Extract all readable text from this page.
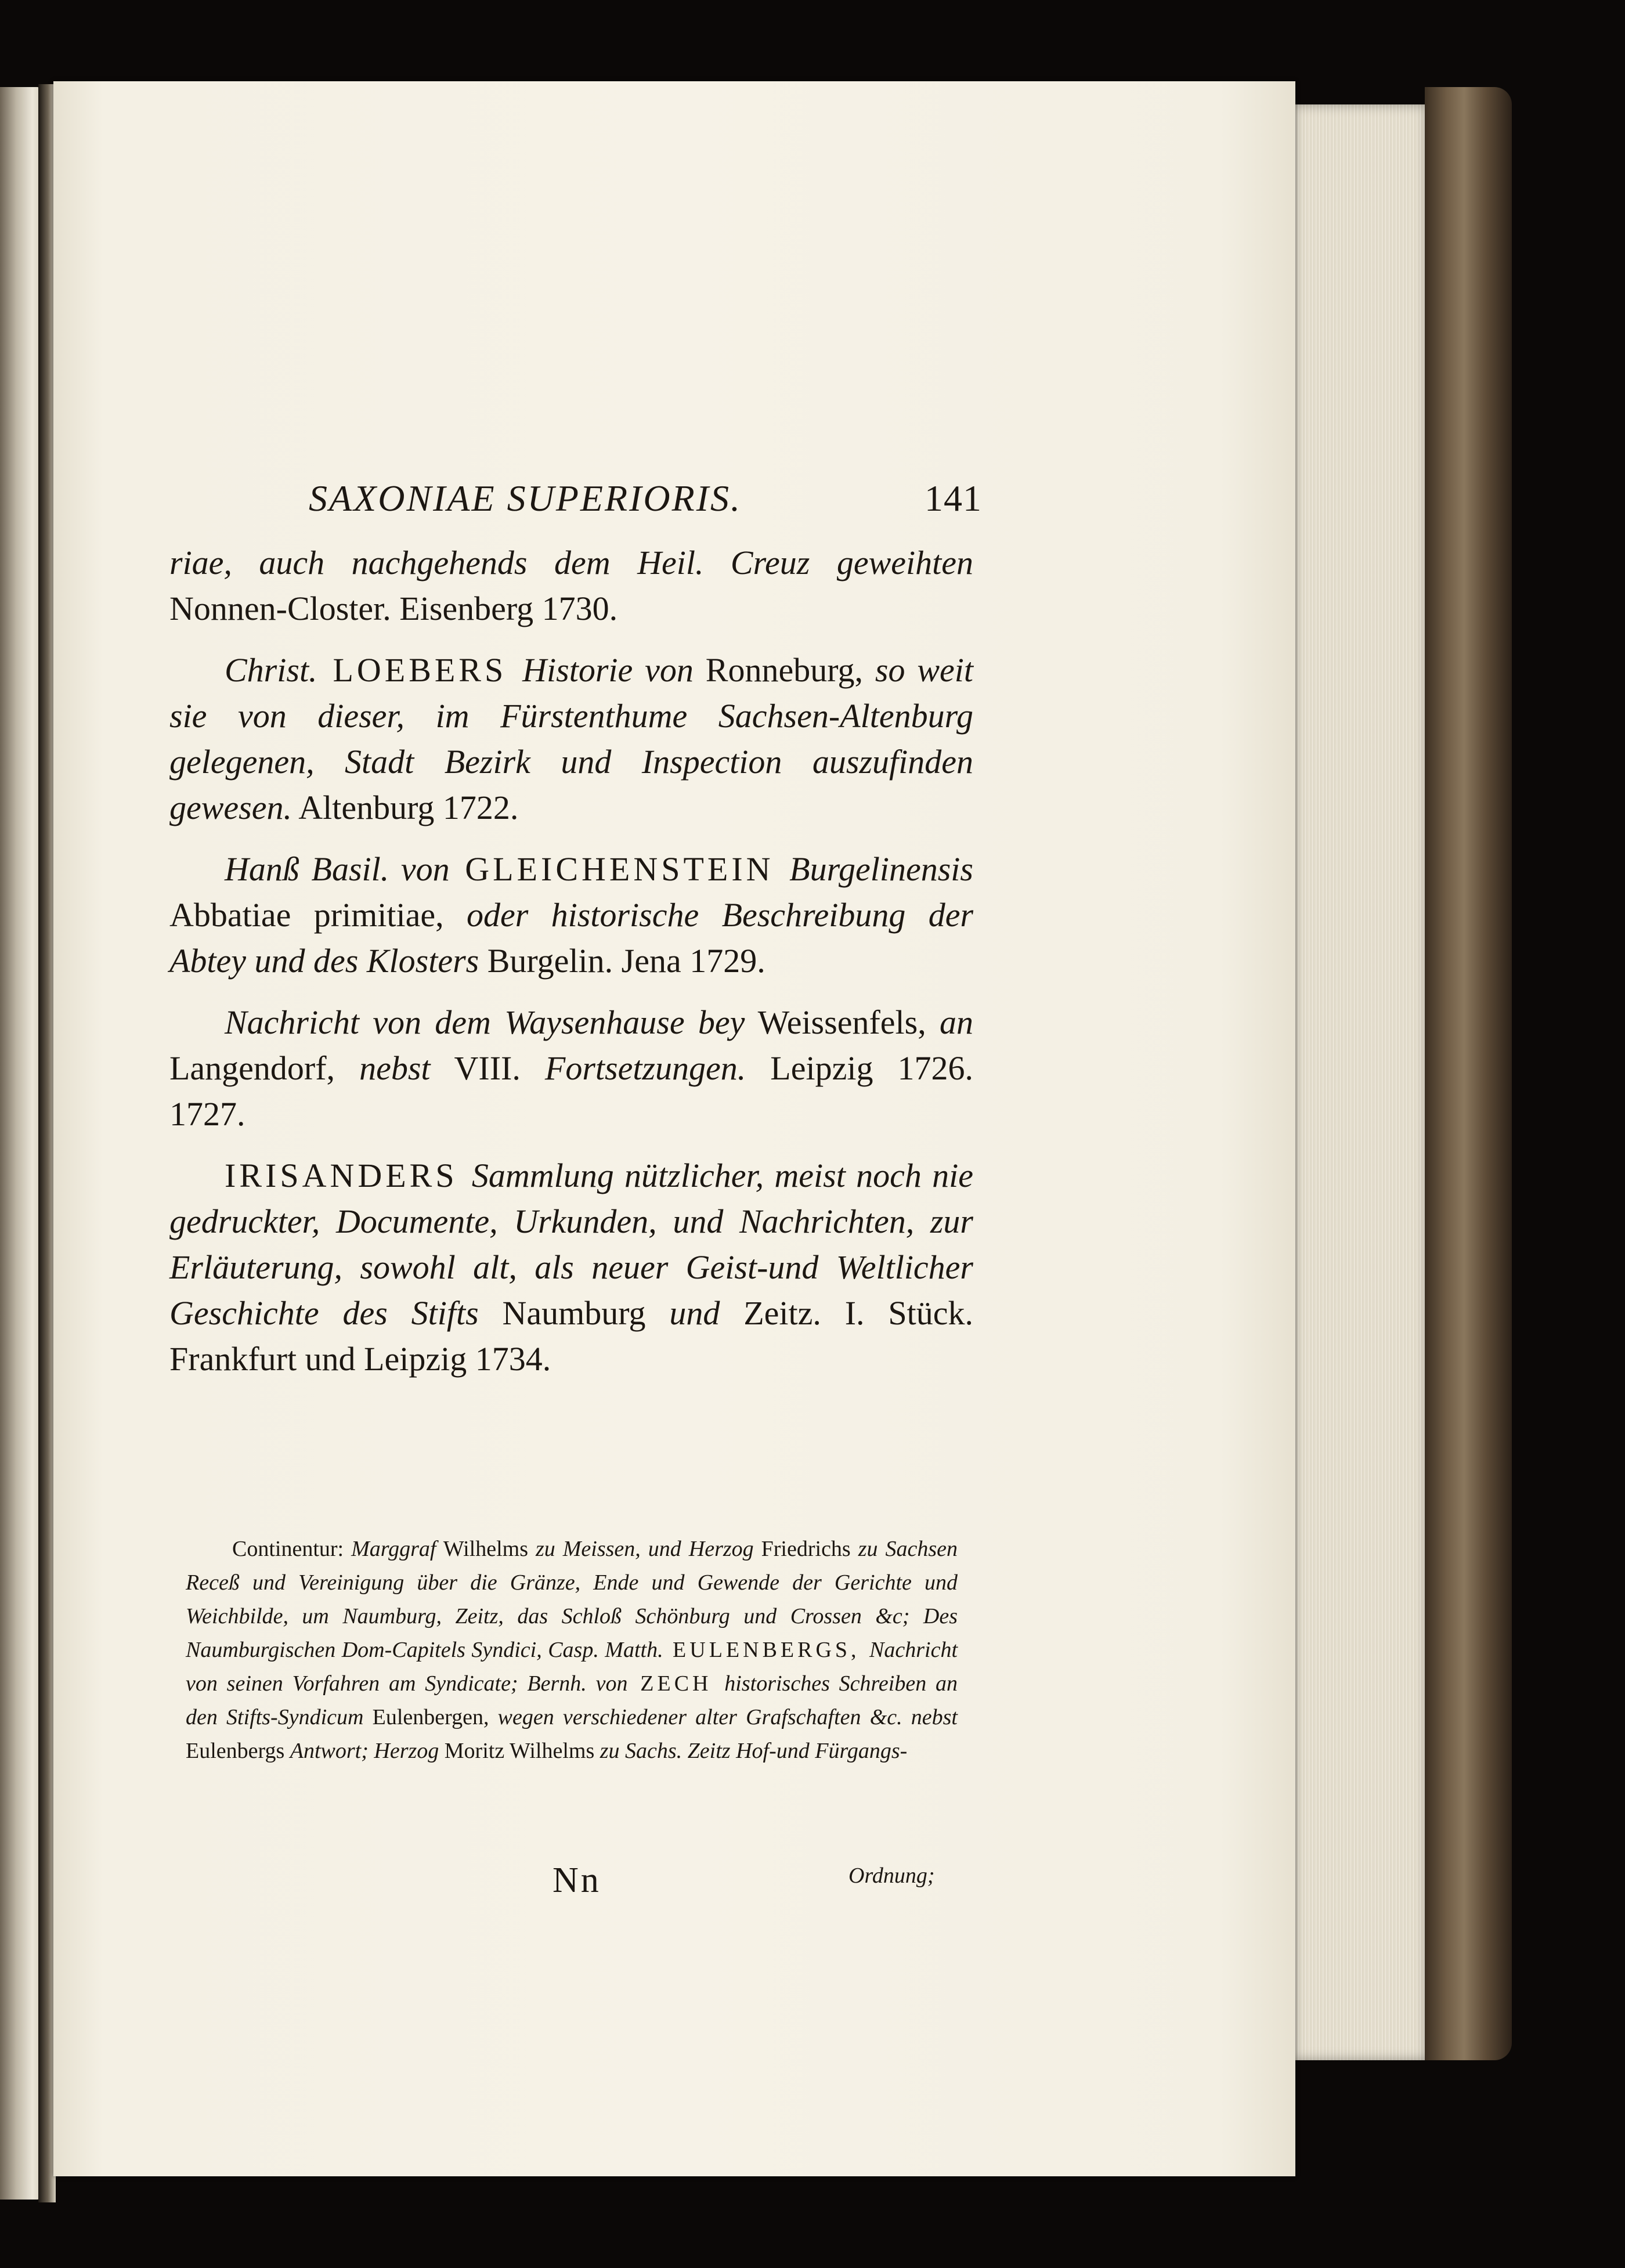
SAXONIAE SUPERIORIS.	141

riae, auch nachgehends dem Heil. Creuz geweihten Nonnen-Closter. Eisenberg 1730.

Christ. LOEBERS Historie von Ronneburg, so weit sie von dieser, im Fürstenthume Sachsen-Altenburg gelegenen, Stadt Bezirk und Inspection auszufinden gewesen. Altenburg 1722.

Hanß Basil. von GLEICHENSTEIN Burgelinensis Abbatiae primitiae, oder historische Beschreibung der Abtey und des Klosters Burgelin. Jena 1729.

Nachricht von dem Waysenhause bey Weissenfels, an Langendorf, nebst VIII. Fortsetzungen. Leipzig 1726. 1727.

IRISANDERS Sammlung nützlicher, meist noch nie gedruckter, Documente, Urkunden, und Nachrichten, zur Erläuterung, sowohl alt, als neuer Geist-und Weltlicher Geschichte des Stifts Naumburg und Zeitz. I. Stück. Frankfurt und Leipzig 1734.

Continentur: Marggraf Wilhelms zu Meissen, und Herzog Friedrichs zu Sachsen Receß und Vereinigung über die Gränze, Ende und Gewende der Gerichte und Weichbilde, um Naumburg, Zeitz, das Schloß Schönburg und Crossen &c; Des Naumburgischen Dom-Capitels Syndici, Casp. Matth. EULENBERGS, Nachricht von seinen Vorfahren am Syndicate; Bernh. von ZECH historisches Schreiben an den Stifts-Syndicum Eulenbergen, wegen verschiedener alter Grafschaften &c. nebst Eulenbergs Antwort; Herzog Moritz Wilhelms zu Sachs. Zeitz Hof-und Fürgangs-

Nn	Ordnung;
